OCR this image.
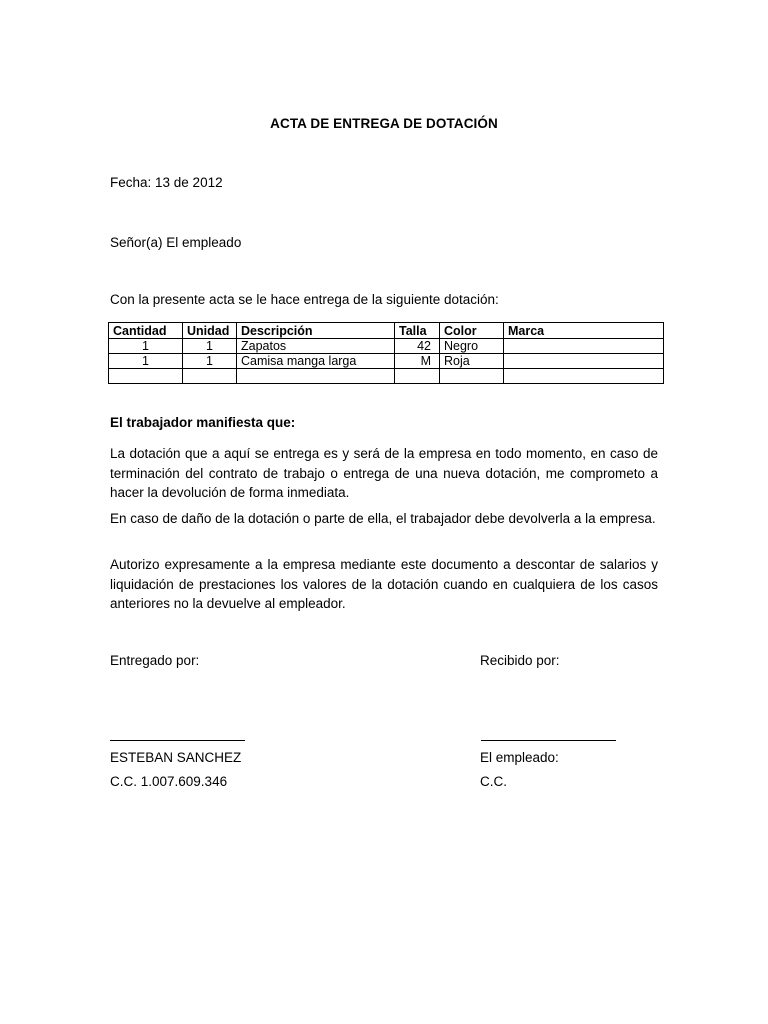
ACTA DE ENTREGA DE DOTACIÓN
Fecha: 13 de 2012
Señor(a) El empleado
Con la presente acta se le hace entrega de la siguiente dotación:
Cantidad	Unidad	Descripción	Talla	Color	Marca
1	1	Zapatos	42	Negro	
1	1	Camisa manga larga	M	Roja	

El trabajador manifiesta que:
La dotación que a aquí se entrega es y será de la empresa en todo momento, en caso de terminación del contrato de trabajo o entrega de una nueva dotación, me comprometo a hacer la devolución de forma inmediata.
En caso de daño de la dotación o parte de ella, el trabajador debe devolverla a la empresa.
Autorizo expresamente a la empresa mediante este documento a descontar de salarios y liquidación de prestaciones los valores de la dotación cuando en cualquiera de los casos anteriores no la devuelve al empleador.
Entregado por:	Recibido por:
ESTEBAN SANCHEZ	El empleado:
C.C. 1.007.609.346	C.C.
